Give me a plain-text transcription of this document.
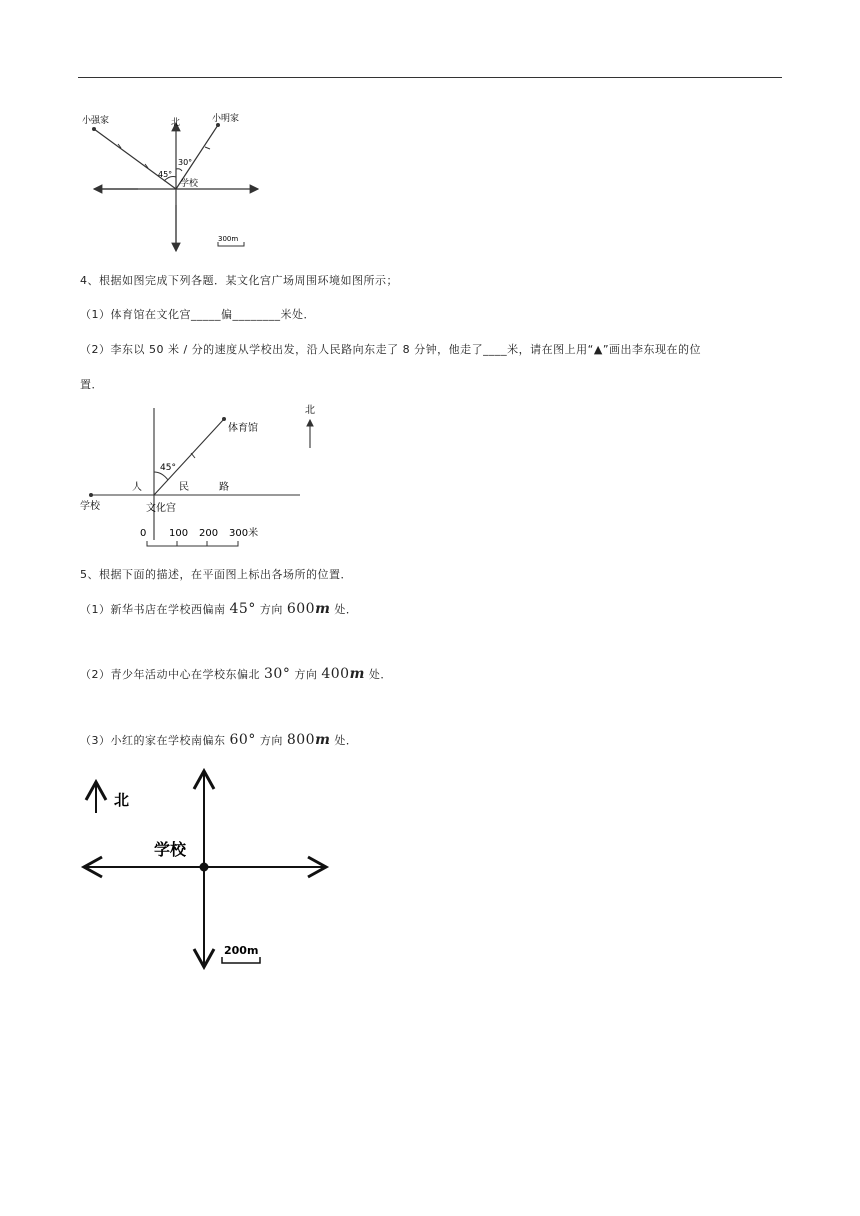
小强家	北	小明家
30°
45°
学校
300m
4、根据如图完成下列各题．某文化宫广场周围环境如图所示；
（1）体育馆在文化宫_____偏________米处．
（2）李东以 50 米 / 分的速度从学校出发，沿人民路向东走了 8 分钟，他走了____米，请在图上用“▲”画出李东现在的位
置．
北
体育馆
45°
人	民	路
学校	文化宫
0 100 200 300米
5、根据下面的描述，在平面图上标出各场所的位置．
（1）新华书店在学校西偏南 45° 方向 600m 处．
（2）青少年活动中心在学校东偏北 30° 方向 400m 处．
（3）小红的家在学校南偏东 60° 方向 800m 处．
北
学校
200m
